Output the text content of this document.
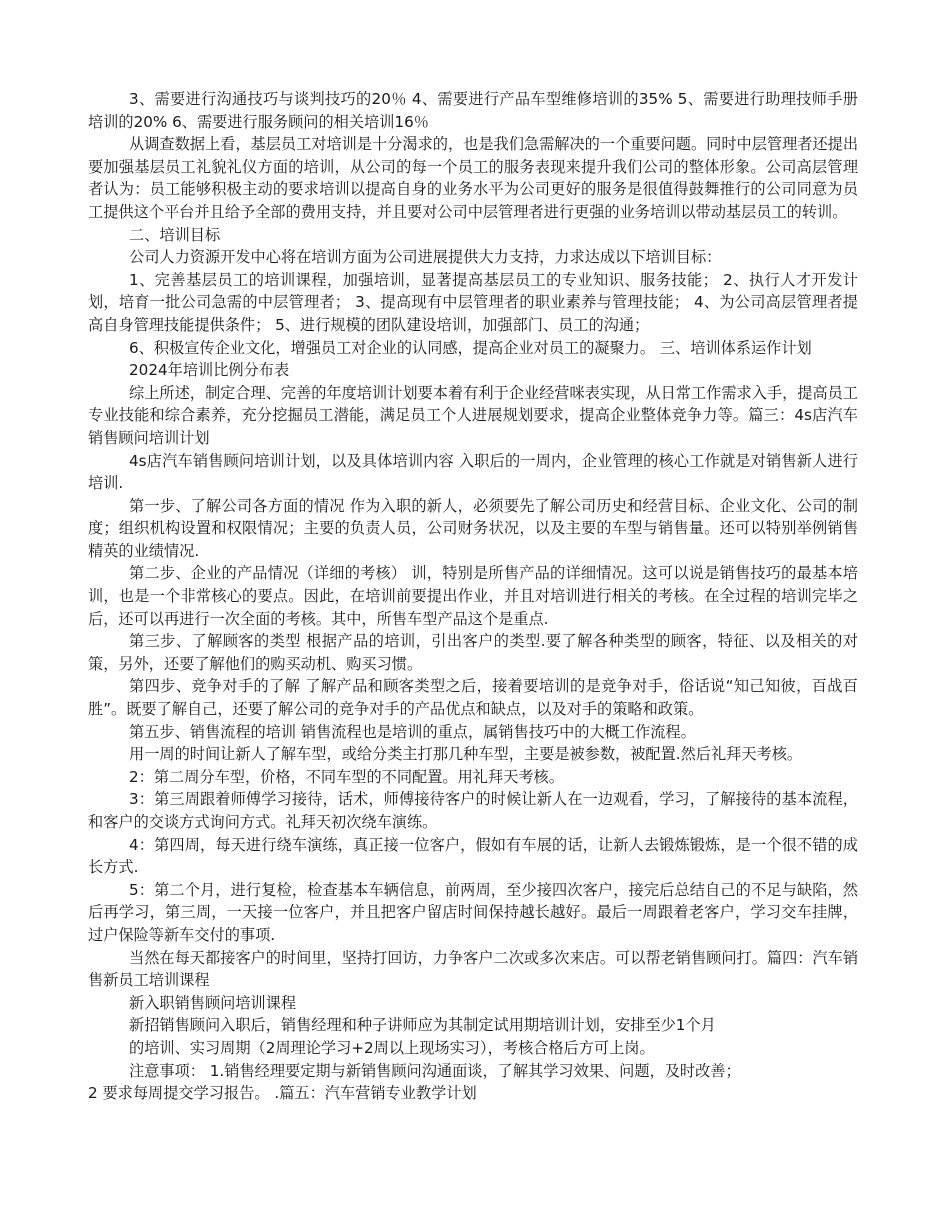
3、需要进行沟通技巧与谈判技巧的20％ 4、需要进行产品车型维修培训的35% 5、需要进行助理技师手册培训的20% 6、需要进行服务顾问的相关培训16％

从调查数据上看，基层员工对培训是十分渴求的，也是我们急需解决的一个重要问题。同时中层管理者还提出要加强基层员工礼貌礼仪方面的培训，从公司的每一个员工的服务表现来提升我们公司的整体形象。公司高层管理者认为：员工能够积极主动的要求培训以提高自身的业务水平为公司更好的服务是很值得鼓舞推行的公司同意为员工提供这个平台并且给予全部的费用支持，并且要对公司中层管理者进行更强的业务培训以带动基层员工的转训。

二、培训目标

公司人力资源开发中心将在培训方面为公司进展提供大力支持，力求达成以下培训目标：

1、完善基层员工的培训课程，加强培训，显著提高基层员工的专业知识、服务技能； 2、执行人才开发计划，培育一批公司急需的中层管理者； 3、提高现有中层管理者的职业素养与管理技能； 4、为公司高层管理者提高自身管理技能提供条件； 5、进行规模的团队建设培训，加强部门、员工的沟通；

6、积极宣传企业文化，增强员工对企业的认同感，提高企业对员工的凝聚力。 三、培训体系运作计划

2024年培训比例分布表

综上所述，制定合理、完善的年度培训计划要本着有利于企业经营咪表实现，从日常工作需求入手，提高员工专业技能和综合素养，充分挖掘员工潜能，满足员工个人进展规划要求，提高企业整体竞争力等。篇三：4s店汽车销售顾问培训计划

4s店汽车销售顾问培训计划，以及具体培训内容 入职后的一周内，企业管理的核心工作就是对销售新人进行培训.

第一步、了解公司各方面的情况 作为入职的新人，必须要先了解公司历史和经营目标、企业文化、公司的制度；组织机构设置和权限情况；主要的负责人员，公司财务状况，以及主要的车型与销售量。还可以特别举例销售精英的业绩情况.

第二步、企业的产品情况（详细的考核） 训，特别是所售产品的详细情况。这可以说是销售技巧的最基本培训，也是一个非常核心的要点。因此，在培训前要提出作业，并且对培训进行相关的考核。在全过程的培训完毕之后，还可以再进行一次全面的考核。其中，所售车型产品这个是重点.

第三步、了解顾客的类型 根据产品的培训，引出客户的类型.要了解各种类型的顾客，特征、以及相关的对策，另外，还要了解他们的购买动机、购买习惯。

第四步、竞争对手的了解 了解产品和顾客类型之后，接着要培训的是竞争对手，俗话说“知己知彼，百战百胜”。既要了解自己，还要了解公司的竞争对手的产品优点和缺点，以及对手的策略和政策。

第五步、销售流程的培训 销售流程也是培训的重点，属销售技巧中的大概工作流程。

用一周的时间让新人了解车型，或给分类主打那几种车型，主要是被参数，被配置.然后礼拜天考核。

2：第二周分车型，价格，不同车型的不同配置。用礼拜天考核。

3：第三周跟着师傅学习接待，话术，师傅接待客户的时候让新人在一边观看，学习，了解接待的基本流程，和客户的交谈方式询问方式。礼拜天初次绕车演练。

4：第四周，每天进行绕车演练，真正接一位客户，假如有车展的话，让新人去锻炼锻炼，是一个很不错的成长方式.

5：第二个月，进行复检，检查基本车辆信息，前两周，至少接四次客户，接完后总结自己的不足与缺陷，然后再学习，第三周，一天接一位客户，并且把客户留店时间保持越长越好。最后一周跟着老客户，学习交车挂牌，过户保险等新车交付的事项.

当然在每天都接客户的时间里，坚持打回访，力争客户二次或多次来店。可以帮老销售顾问打。篇四：汽车销售新员工培训课程

新入职销售顾问培训课程

新招销售顾问入职后，销售经理和种子讲师应为其制定试用期培训计划，安排至少1个月

的培训、实习周期（2周理论学习+2周以上现场实习），考核合格后方可上岗。

注意事项： 1.销售经理要定期与新销售顾问沟通面谈，了解其学习效果、问题，及时改善；

2 要求每周提交学习报告。 .篇五：汽车营销专业教学计划
